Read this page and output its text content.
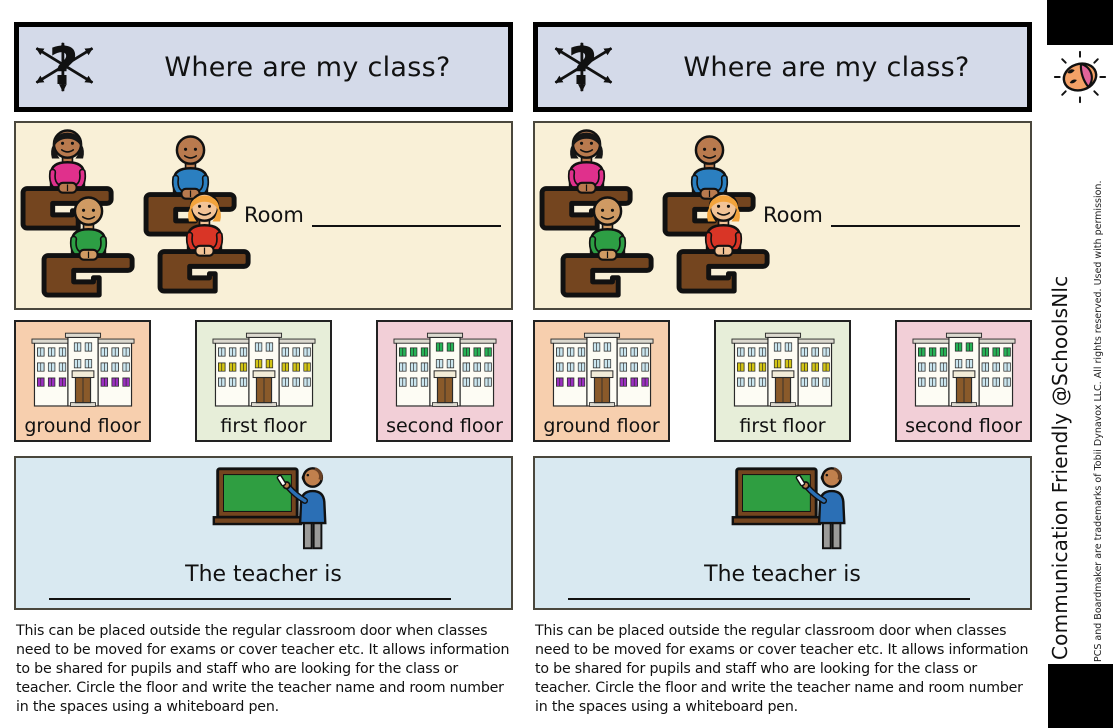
Where are my class?
Room
ground floor	first floor	second floor
The teacher is
This can be placed outside the regular classroom door when classes need to be moved for exams or cover teacher etc. It allows information to be shared for pupils and staff who are looking for the class or teacher. Circle the floor and write the teacher name and room number in the spaces using a whiteboard pen.
Where are my class?
Room
ground floor	first floor	second floor
The teacher is
This can be placed outside the regular classroom door when classes need to be moved for exams or cover teacher etc. It allows information to be shared for pupils and staff who are looking for the class or teacher. Circle the floor and write the teacher name and room number in the spaces using a whiteboard pen.
Communication Friendly @SchoolsNlc PCS and Boardmaker are trademarks of Tobii Dynavox LLC. All rights reserved. Used with permission.
